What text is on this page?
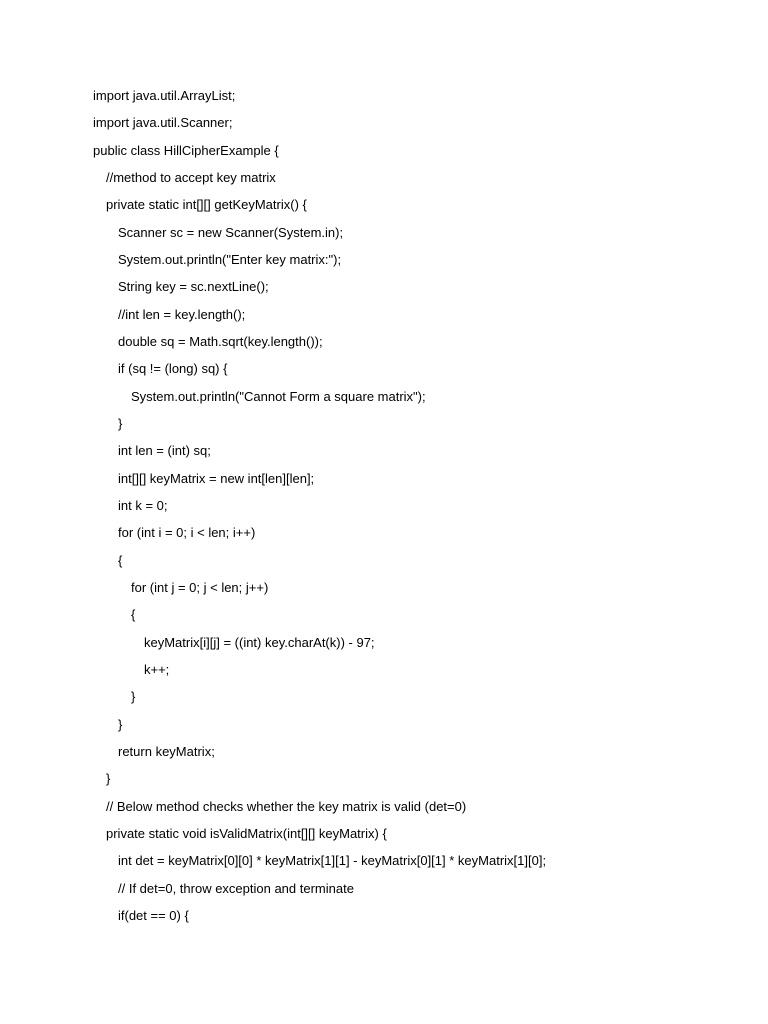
import java.util.ArrayList;

import java.util.Scanner;

public class HillCipherExample {

//method to accept key matrix

private static int[][] getKeyMatrix() {

Scanner sc = new Scanner(System.in);

System.out.println("Enter key matrix:");

String key = sc.nextLine();

//int len = key.length();

double sq = Math.sqrt(key.length());

if (sq != (long) sq) {

System.out.println("Cannot Form a square matrix");

}

int len = (int) sq;

int[][] keyMatrix = new int[len][len];

int k = 0;

for (int i = 0; i < len; i++)

{

for (int j = 0; j < len; j++)

{

keyMatrix[i][j] = ((int) key.charAt(k)) - 97;

k++;

}

}

return keyMatrix;

}

// Below method checks whether the key matrix is valid (det=0)

private static void isValidMatrix(int[][] keyMatrix) {

int det = keyMatrix[0][0] * keyMatrix[1][1] - keyMatrix[0][1] * keyMatrix[1][0];

// If det=0, throw exception and terminate

if(det == 0) {
